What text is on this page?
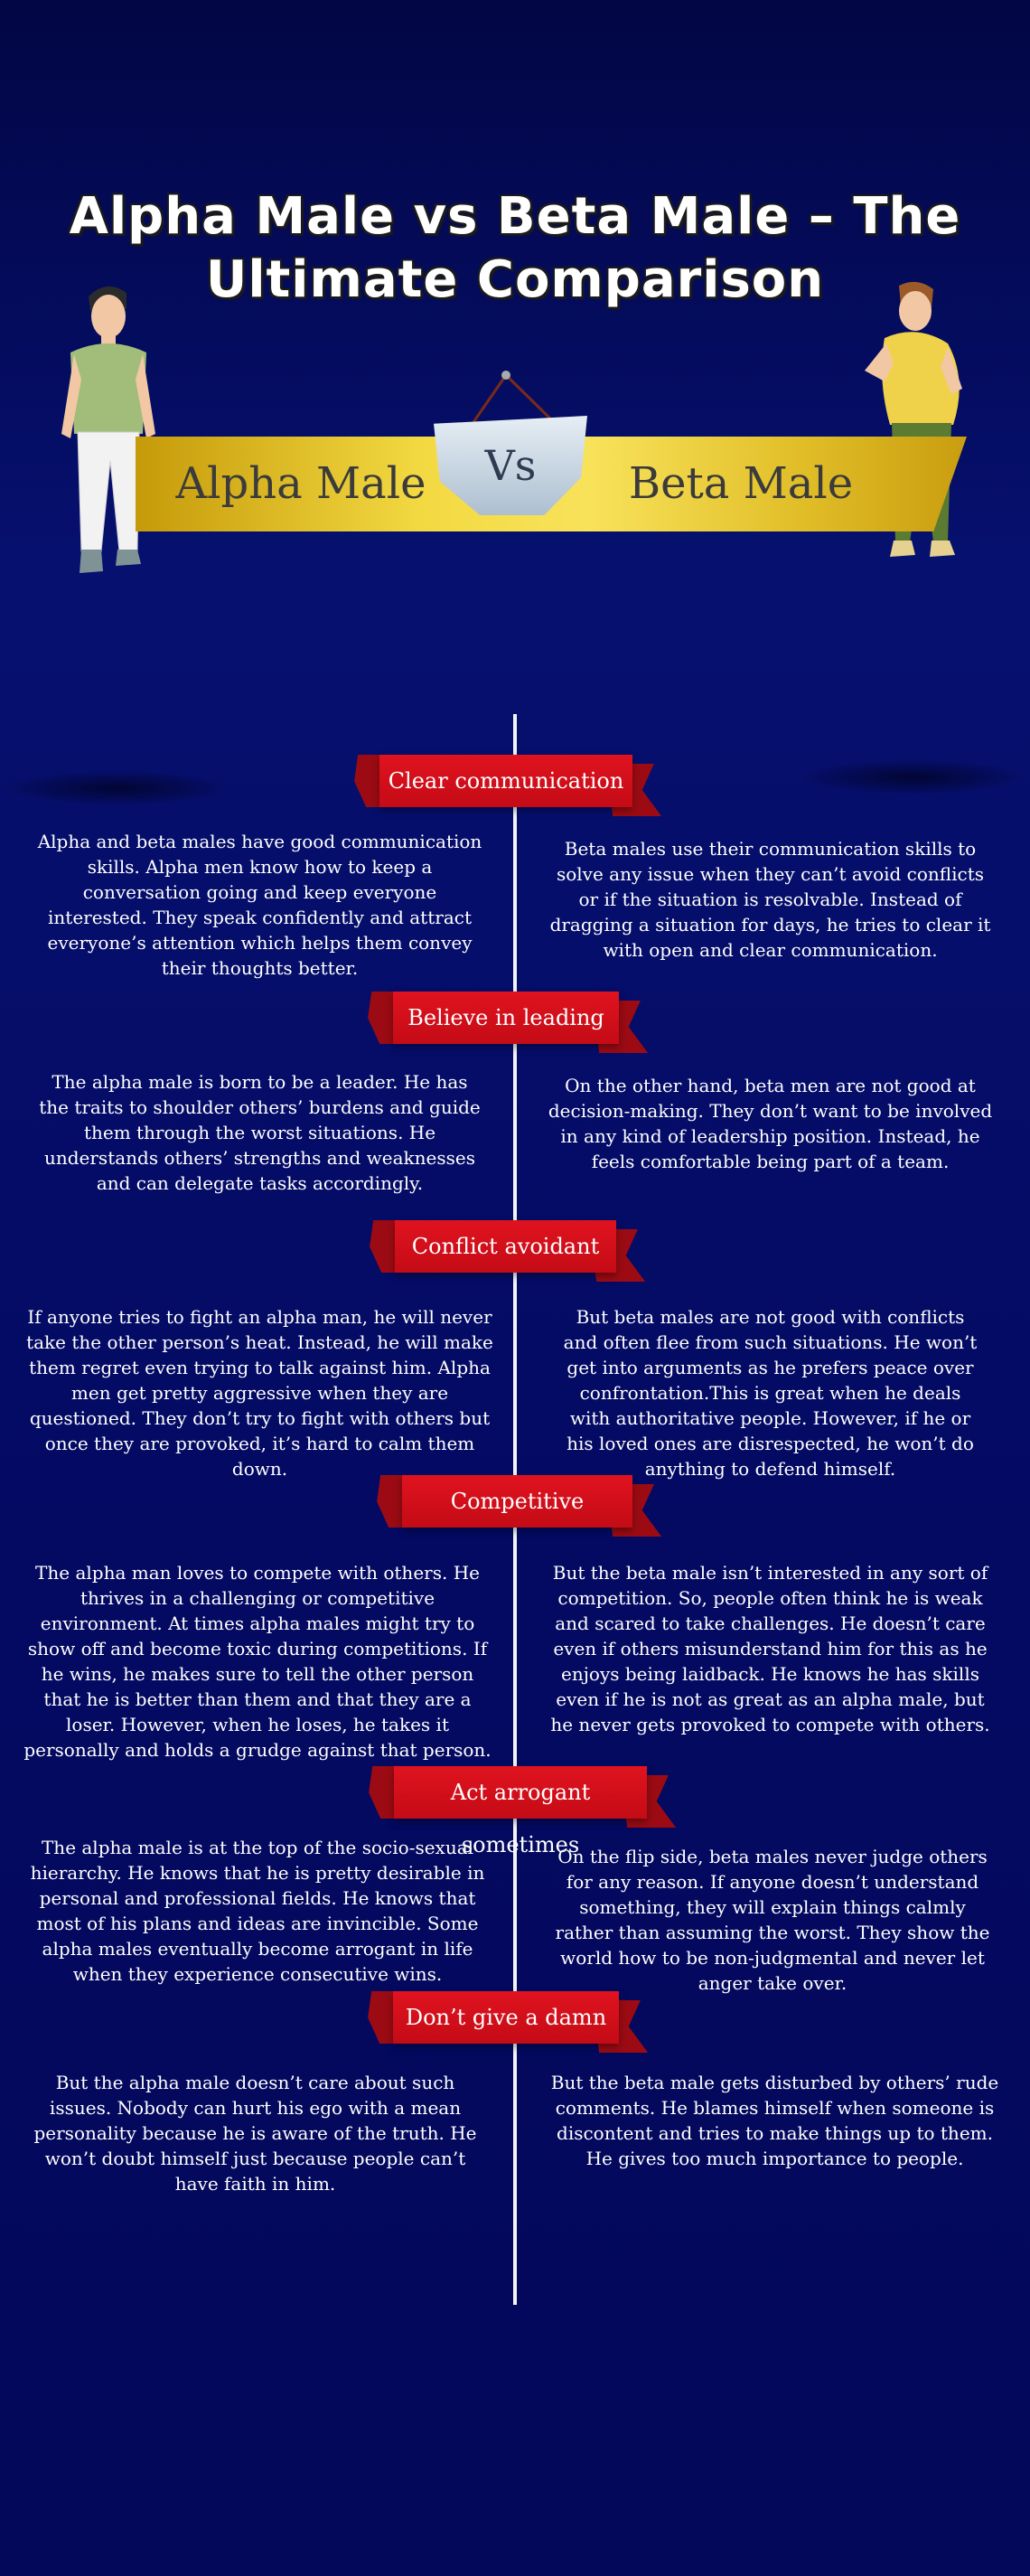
Alpha Male vs Beta Male – The Ultimate Comparison
Alpha Male	Beta Male
Vs
Clear communication
Alpha and beta males have good communication skills. Alpha men know how to keep a conversation going and keep everyone interested. They speak confidently and attract everyone’s attention which helps them convey their thoughts better.
Beta males use their communication skills to solve any issue when they can’t avoid conflicts or if the situation is resolvable. Instead of dragging a situation for days, he tries to clear it with open and clear communication.
Believe in leading
The alpha male is born to be a leader. He has the traits to shoulder others’ burdens and guide them through the worst situations. He understands others’ strengths and weaknesses and can delegate tasks accordingly.
On the other hand, beta men are not good at decision-making. They don’t want to be involved in any kind of leadership position. Instead, he feels comfortable being part of a team.
Conflict avoidant
If anyone tries to fight an alpha man, he will never take the other person’s heat. Instead, he will make them regret even trying to talk against him. Alpha men get pretty aggressive when they are questioned. They don’t try to fight with others but once they are provoked, it’s hard to calm them down.
But beta males are not good with conflicts and often flee from such situations. He won’t get into arguments as he prefers peace over confrontation.This is great when he deals with authoritative people. However, if he or his loved ones are disrespected, he won’t do anything to defend himself.
Competitive
The alpha man loves to compete with others. He thrives in a challenging or competitive environment. At times alpha males might try to show off and become toxic during competitions. If he wins, he makes sure to tell the other person that he is better than them and that they are a loser. However, when he loses, he takes it personally and holds a grudge against that person.
But the beta male isn’t interested in any sort of competition. So, people often think he is weak and scared to take challenges. He doesn’t care even if others misunderstand him for this as he enjoys being laidback. He knows he has skills even if he is not as great as an alpha male, but he never gets provoked to compete with others.
Act arrogant sometimes
The alpha male is at the top of the socio-sexual hierarchy. He knows that he is pretty desirable in personal and professional fields. He knows that most of his plans and ideas are invincible. Some alpha males eventually become arrogant in life when they experience consecutive wins.
On the flip side, beta males never judge others for any reason. If anyone doesn’t understand something, they will explain things calmly rather than assuming the worst. They show the world how to be non-judgmental and never let anger take over.
Don’t give a damn
But the alpha male doesn’t care about such issues. Nobody can hurt his ego with a mean personality because he is aware of the truth. He won’t doubt himself just because people can’t have faith in him.
But the beta male gets disturbed by others’ rude comments. He blames himself when someone is discontent and tries to make things up to them. He gives too much importance to people.
